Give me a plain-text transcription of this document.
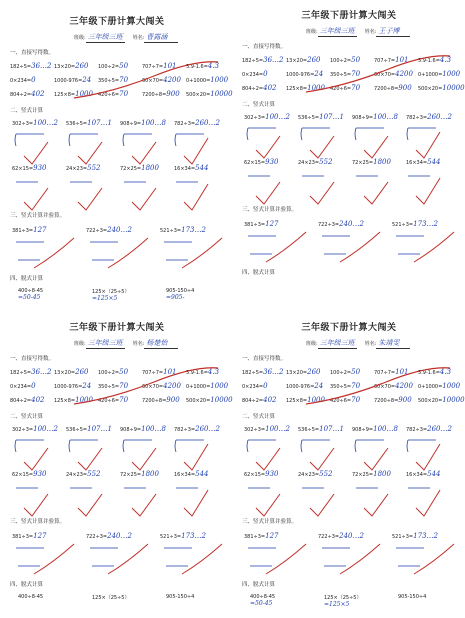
三年级下册计算大闯关
班级: 三年级三班 姓名: 曹露涵
一、直接写得数。
二、竖式计算
三、竖式计算并验算。
四、脱式计算
182÷5=36…2 13×20=260 100÷2=50	707÷7=101 5.9-1.6=4.3
0×234=0	1000-976=24 350÷5=70	60×70=4200 0+1000=1000
804÷2=402 125×8=1000 420÷6=70	7200÷8=900 500×20=10000
302÷3=100…2 536÷5=107…1 908÷9=100…8 782÷3=260…2
62×15=930	24×23=552	72×25=1800	16×34=544
381÷3=127	722÷3=240…2	521÷3=173…2
400÷8-45
=50-45
125×（25÷5）
=125×5
905-150÷4
=905-
三年级下册计算大闯关
班级: 三年级三班 姓名: 王子博
一、直接写得数。
二、竖式计算
三、竖式计算并验算。
四、脱式计算
182÷5=36…2 13×20=260 100÷2=50	707÷7=101 5.9-1.6=4.3
0×234=0	1000-976=24 350÷5=70	60×70=4200 0+1000=1000
804÷2=402 125×8=1000 420÷6=70	7200÷8=900 500×20=10000
302÷3=100…2 536÷5=107…1 908÷9=100…8 782÷3=260…2
62×15=930	24×23=552	72×25=1800	16×34=544
381÷3=127	722÷3=240…2	521÷3=173…2
三年级下册计算大闯关
班级: 三年级三班 姓名: 杨楚怡
一、直接写得数。
二、竖式计算
三、竖式计算并验算。
四、脱式计算
182÷5=36…2 13×20=260 100÷2=50	707÷7=101 5.9-1.6=4.3
0×234=0	1000-976=24 350÷5=70	60×70=4200 0+1000=1000
804÷2=402 125×8=1000 420÷6=70	7200÷8=900 500×20=10000
302÷3=100…2 536÷5=107…1 908÷9=100…8 782÷3=260…2
62×15=930	24×23=552	72×25=1800	16×34=544
381÷3=127	722÷3=240…2	521÷3=173…2
400÷8-45	125×（25÷5）	905-150÷4
三年级下册计算大闯关
班级: 三年级三班 姓名: 朱靖雯
一、直接写得数。
二、竖式计算
三、竖式计算并验算。
四、脱式计算
182÷5=36…2 13×20=260 100÷2=50	707÷7=101 5.9-1.6=4.3
0×234=0	1000-976=24 350÷5=70	60×70=4200 0+1000=1000
804÷2=402 125×8=1000 420÷6=70	7200÷8=900 500×20=10000
302÷3=100…2 536÷5=107…1 908÷9=100…8 782÷3=260…2
62×15=930	24×23=552	72×25=1800	16×34=544
381÷3=127	722÷3=240…2	521÷3=173…2
400÷8-45
=50-45
125×（25÷5）
=125×5
905-150÷4
